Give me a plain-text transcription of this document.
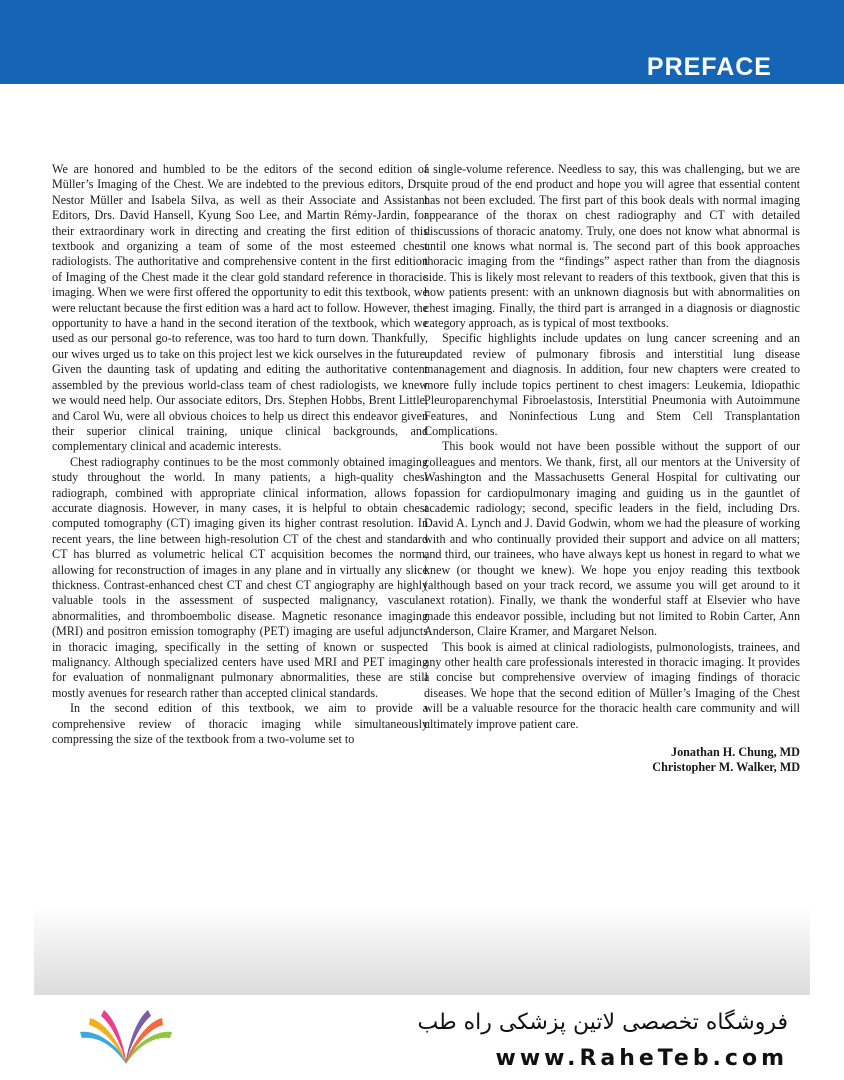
PREFACE

We are honored and humbled to be the editors of the second edition of Müller’s Imaging of the Chest. We are indebted to the previous editors, Drs. Nestor Müller and Isabela Silva, as well as their Associate and Assistant Editors, Drs. David Hansell, Kyung Soo Lee, and Martin Rémy-Jardin, for their extraordinary work in directing and creating the first edition of this textbook and organizing a team of some of the most esteemed chest radiologists. The authoritative and comprehensive content in the first edition of Imaging of the Chest made it the clear gold standard reference in thoracic imaging. When we were first offered the opportunity to edit this textbook, we were reluctant because the first edition was a hard act to follow. However, the opportunity to have a hand in the second iteration of the textbook, which we used as our personal go-to reference, was too hard to turn down. Thankfully, our wives urged us to take on this project lest we kick ourselves in the future. Given the daunting task of updating and editing the authoritative content assembled by the previous world-class team of chest radiologists, we knew we would need help. Our associate editors, Drs. Stephen Hobbs, Brent Little, and Carol Wu, were all obvious choices to help us direct this endeavor given their superior clinical training, unique clinical backgrounds, and complementary clinical and academic interests.

Chest radiography continues to be the most commonly obtained imaging study throughout the world. In many patients, a high-quality chest radiograph, combined with appropriate clinical information, allows for accurate diagnosis. However, in many cases, it is helpful to obtain chest computed tomography (CT) imaging given its higher contrast resolution. In recent years, the line between high-resolution CT of the chest and standard CT has blurred as volumetric helical CT acquisition becomes the norm, allowing for reconstruction of images in any plane and in virtually any slice thickness. Contrast-enhanced chest CT and chest CT angiography are highly valuable tools in the assessment of suspected malignancy, vascular abnormalities, and thromboembolic disease. Magnetic resonance imaging (MRI) and positron emission tomography (PET) imaging are useful adjuncts in thoracic imaging, specifically in the setting of known or suspected malignancy. Although specialized centers have used MRI and PET imaging for evaluation of nonmalignant pulmonary abnormalities, these are still mostly avenues for research rather than accepted clinical standards.

In the second edition of this textbook, we aim to provide a comprehensive review of thoracic imaging while simultaneously compressing the size of the textbook from a two-volume set to

a single-volume reference. Needless to say, this was challenging, but we are quite proud of the end product and hope you will agree that essential content has not been excluded. The first part of this book deals with normal imaging appearance of the thorax on chest radiography and CT with detailed discussions of thoracic anatomy. Truly, one does not know what abnormal is until one knows what normal is. The second part of this book approaches thoracic imaging from the “findings” aspect rather than from the diagnosis side. This is likely most relevant to readers of this textbook, given that this is how patients present: with an unknown diagnosis but with abnormalities on chest imaging. Finally, the third part is arranged in a diagnosis or diagnostic category approach, as is typical of most textbooks.

Specific highlights include updates on lung cancer screening and an updated review of pulmonary fibrosis and interstitial lung disease management and diagnosis. In addition, four new chapters were created to more fully include topics pertinent to chest imagers: Leukemia, Idiopathic Pleuroparenchymal Fibroelastosis, Interstitial Pneumonia with Autoimmune Features, and Noninfectious Lung and Stem Cell Transplantation Complications.

This book would not have been possible without the support of our colleagues and mentors. We thank, first, all our mentors at the University of Washington and the Massachusetts General Hospital for cultivating our passion for cardiopulmonary imaging and guiding us in the gauntlet of academic radiology; second, specific leaders in the field, including Drs. David A. Lynch and J. David Godwin, whom we had the pleasure of working with and who continually provided their support and advice on all matters; and third, our trainees, who have always kept us honest in regard to what we knew (or thought we knew). We hope you enjoy reading this textbook (although based on your track record, we assume you will get around to it next rotation). Finally, we thank the wonderful staff at Elsevier who have made this endeavor possible, including but not limited to Robin Carter, Ann Anderson, Claire Kramer, and Margaret Nelson.

This book is aimed at clinical radiologists, pulmonologists, trainees, and any other health care professionals interested in thoracic imaging. It provides a concise but comprehensive overview of imaging findings of thoracic diseases. We hope that the second edition of Müller’s Imaging of the Chest will be a valuable resource for the thoracic health care community and will ultimately improve patient care.

Jonathan H. Chung, MD
Christopher M. Walker, MD
فروشگاه تخصصی لاتین پزشکی راه طب
www.RaheTeb.com
